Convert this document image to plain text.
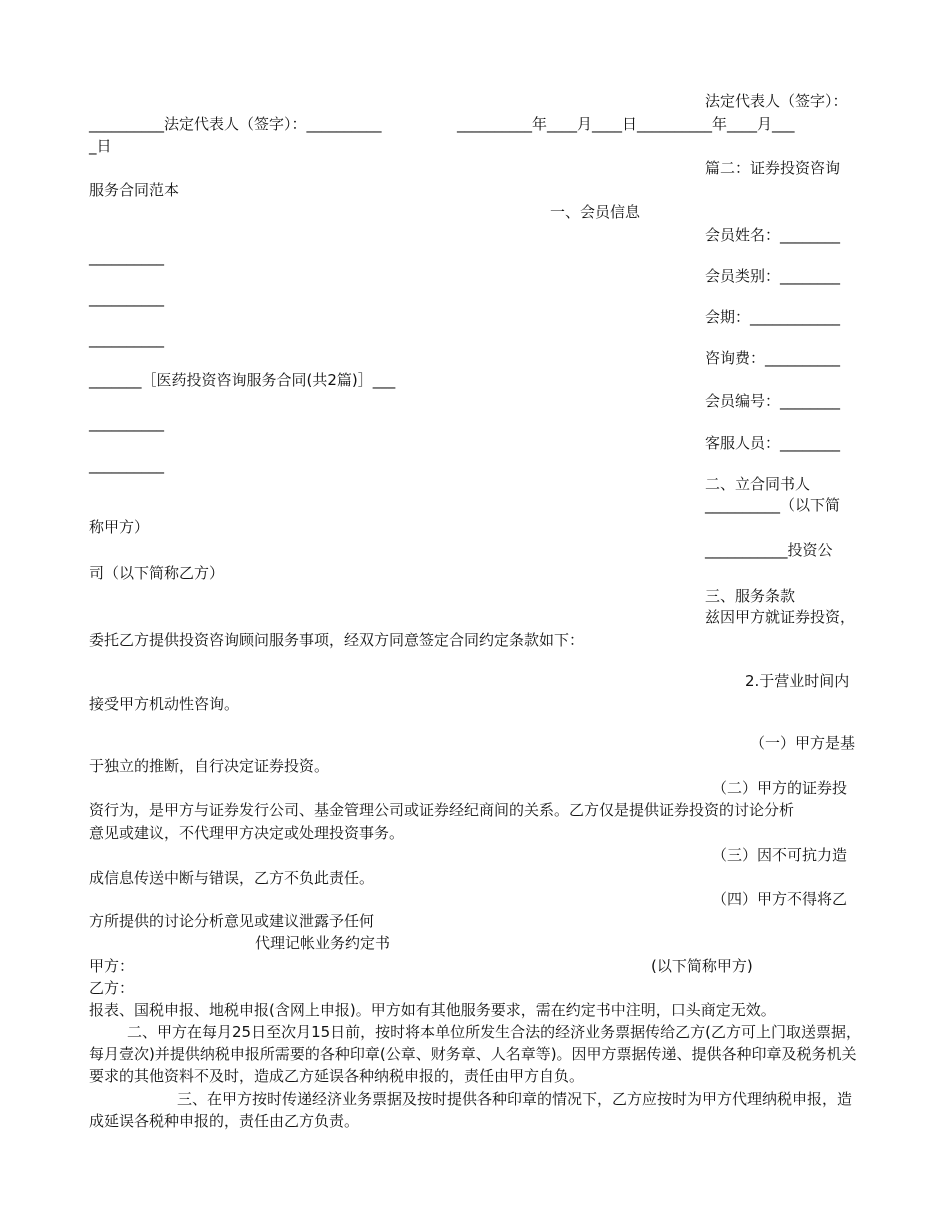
法定代表人（签字）：
__________法定代表人（签字）：__________	__________年____月____日__________年____月___
_日
篇二：证券投资咨询
服务合同范本
一、会员信息
会员姓名：________
__________
会员类别：________
__________
会期：____________
__________
咨询费：__________
_______［医药投资咨询服务合同(共2篇)］___
会员编号：________
__________
客服人员：________
__________
二、立合同书人
__________（以下简
称甲方）
___________投资公
司（以下简称乙方）
三、服务条款
兹因甲方就证券投资，
委托乙方提供投资咨询顾问服务事项，经双方同意签定合同约定条款如下：
2.于营业时间内
接受甲方机动性咨询。
（一）甲方是基
于独立的推断，自行决定证券投资。
（二）甲方的证券投
资行为，是甲方与证券发行公司、基金管理公司或证券经纪商间的关系。乙方仅是提供证券投资的讨论分析
意见或建议，不代理甲方决定或处理投资事务。
（三）因不可抗力造
成信息传送中断与错误，乙方不负此责任。
（四）甲方不得将乙
方所提供的讨论分析意见或建议泄露予任何
代理记帐业务约定书
甲方：	(以下简称甲方)
乙方：
报表、国税申报、地税申报(含网上申报)。甲方如有其他服务要求，需在约定书中注明，口头商定无效。
二、甲方在每月25日至次月15日前，按时将本单位所发生合法的经济业务票据传给乙方(乙方可上门取送票据，每月壹次)并提供纳税申报所需要的各种印章(公章、财务章、人名章等)。因甲方票据传递、提供各种印章及税务机关要求的其他资料不及时，造成乙方延误各种纳税申报的，责任由甲方自负。
三、在甲方按时传递经济业务票据及按时提供各种印章的情况下，乙方应按时为甲方代理纳税申报，造成延误各税种申报的，责任由乙方负责。
